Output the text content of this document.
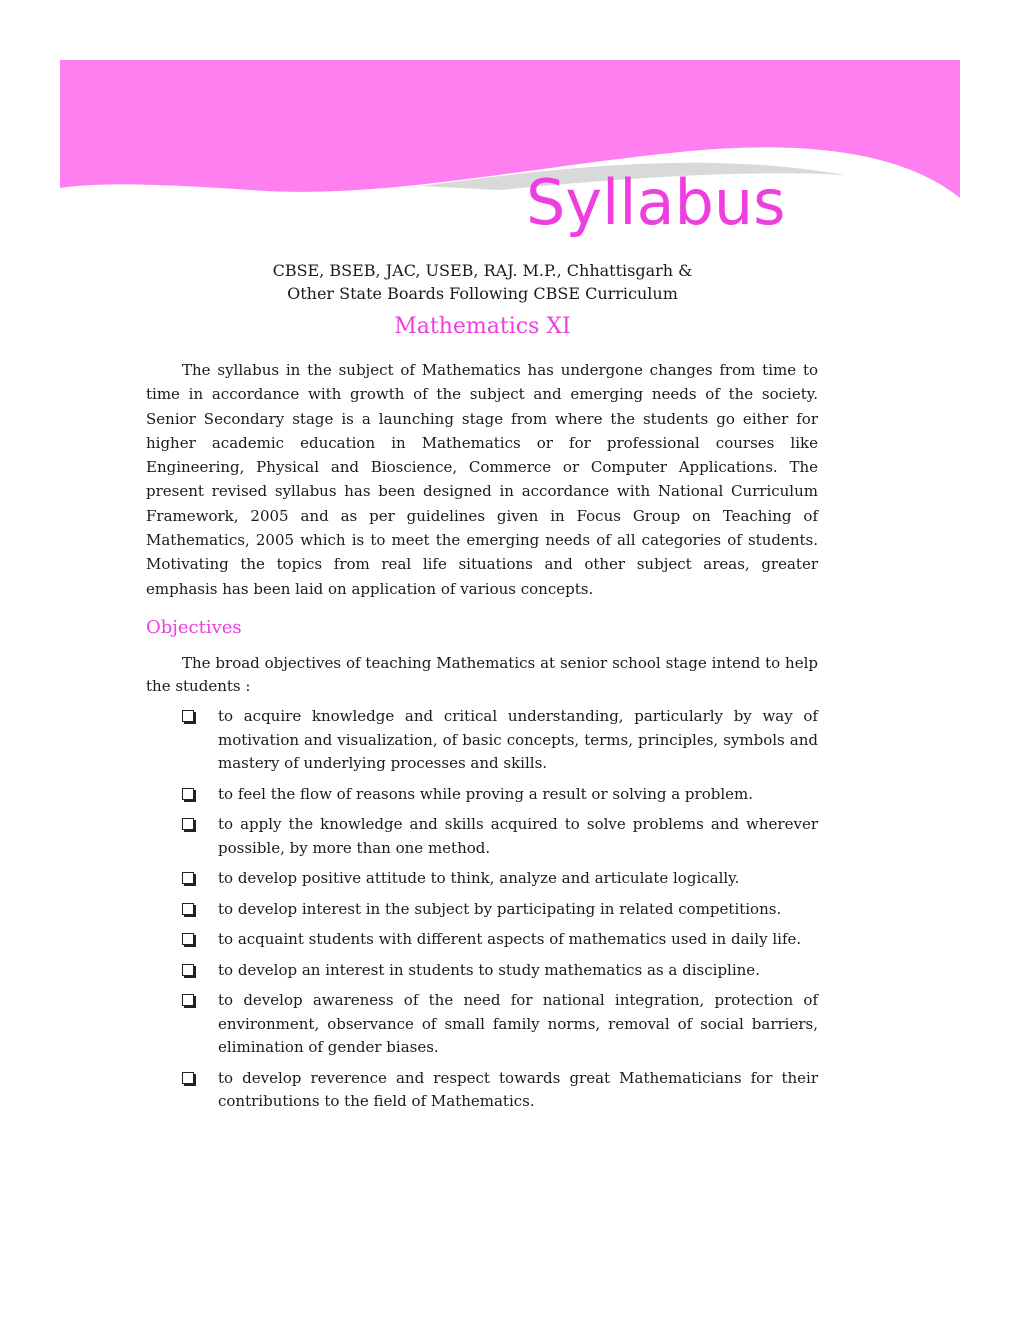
Syllabus
CBSE, BSEB, JAC, USEB, RAJ. M.P., Chhattisgarh &
Other State Boards Following CBSE Curriculum
Mathematics XI

The syllabus in the subject of Mathematics has undergone changes from time to time in accordance with growth of the subject and emerging needs of the society. Senior Secondary stage is a launching stage from where the students go either for higher academic education in Mathematics or for professional courses like Engineering, Physical and Bioscience, Commerce or Computer Applications. The present revised syllabus has been designed in accordance with National Curriculum Framework, 2005 and as per guidelines given in Focus Group on Teaching of Mathematics, 2005 which is to meet the emerging needs of all categories of students. Motivating the topics from real life situations and other subject areas, greater emphasis has been laid on application of various concepts.

Objectives

The broad objectives of teaching Mathematics at senior school stage intend to help the students :

to acquire knowledge and critical understanding, particularly by way of motivation and visualization, of basic concepts, terms, principles, symbols and mastery of underlying processes and skills.
to feel the flow of reasons while proving a result or solving a problem.
to apply the knowledge and skills acquired to solve problems and wherever possible, by more than one method.
to develop positive attitude to think, analyze and articulate logically.
to develop interest in the subject by participating in related competitions.
to acquaint students with different aspects of mathematics used in daily life.
to develop an interest in students to study mathematics as a discipline.
to develop awareness of the need for national integration, protection of environment, observance of small family norms, removal of social barriers, elimination of gender biases.
to develop reverence and respect towards great Mathematicians for their contributions to the field of Mathematics.
